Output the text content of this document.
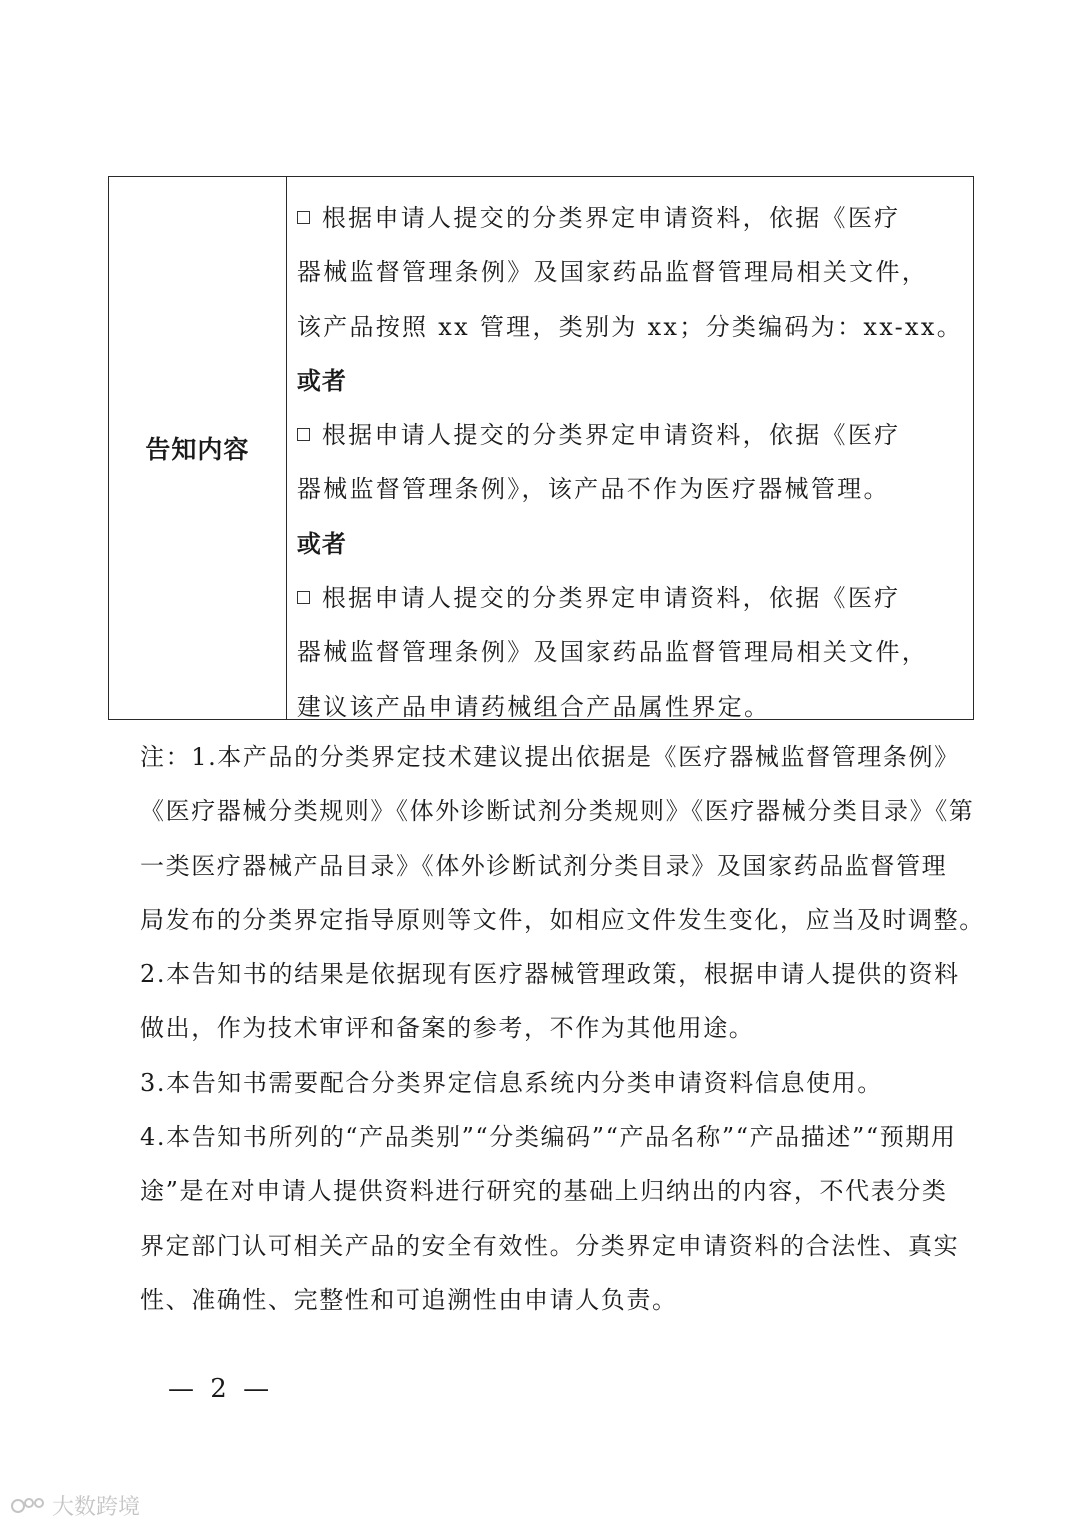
告知内容
根据申请人提交的分类界定申请资料，依据《医疗
器械监督管理条例》及国家药品监督管理局相关文件，
该产品按照 xx 管理，类别为 xx；分类编码为：xx-xx。
或者
根据申请人提交的分类界定申请资料，依据《医疗
器械监督管理条例》，该产品不作为医疗器械管理。
或者
根据申请人提交的分类界定申请资料，依据《医疗
器械监督管理条例》及国家药品监督管理局相关文件，
建议该产品申请药械组合产品属性界定。
注：1.本产品的分类界定技术建议提出依据是《医疗器械监督管理条例》
《医疗器械分类规则》《体外诊断试剂分类规则》《医疗器械分类目录》《第
一类医疗器械产品目录》《体外诊断试剂分类目录》及国家药品监督管理
局发布的分类界定指导原则等文件，如相应文件发生变化，应当及时调整。
2.本告知书的结果是依据现有医疗器械管理政策，根据申请人提供的资料
做出，作为技术审评和备案的参考，不作为其他用途。
3.本告知书需要配合分类界定信息系统内分类申请资料信息使用。
4.本告知书所列的“产品类别”“分类编码”“产品名称”“产品描述”“预期用
途”是在对申请人提供资料进行研究的基础上归纳出的内容，不代表分类
界定部门认可相关产品的安全有效性。分类界定申请资料的合法性、真实
性、准确性、完整性和可追溯性由申请人负责。
— 2 —
大数跨境
